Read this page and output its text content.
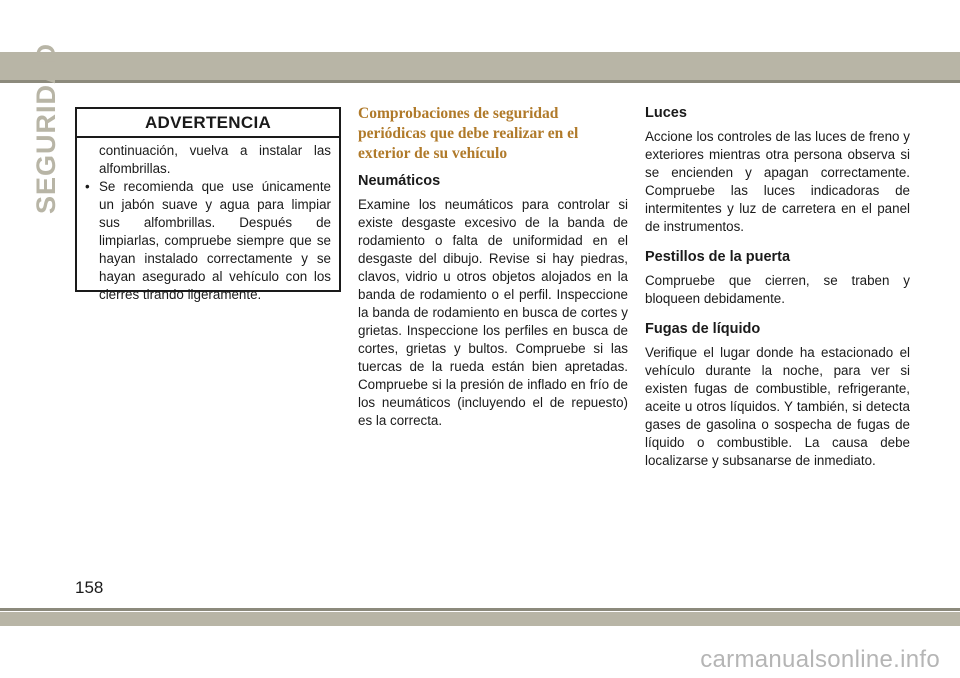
SEGURIDAD	ADVERTENCIA
continuación, vuelva a instalar las alfombrillas.
• Se recomienda que use únicamente un jabón suave y agua para limpiar sus alfombrillas. Después de limpiarlas, compruebe siempre que se hayan instalado correctamente y se hayan asegurado al vehículo con los cierres tirando ligeramente.
Comprobaciones de seguridad periódicas que debe realizar en el exterior de su vehículo
Neumáticos

Examine los neumáticos para controlar si existe desgaste excesivo de la banda de rodamiento o falta de uniformidad en el desgaste del dibujo. Revise si hay piedras, clavos, vidrio u otros objetos alojados en la banda de rodamiento o el perfil. Inspeccione la banda de rodamiento en busca de cortes y grietas. Inspeccione los perfiles en busca de cortes, grietas y bultos. Compruebe si las tuercas de la rueda están bien apretadas. Compruebe si la presión de inflado en frío de los neumáticos (incluyendo el de repuesto) es la correcta.

Luces

Accione los controles de las luces de freno y exteriores mientras otra persona observa si se encienden y apagan correctamente. Compruebe las luces indicadoras de intermitentes y luz de carretera en el panel de instrumentos.

Pestillos de la puerta

Compruebe que cierren, se traben y bloqueen debidamente.

Fugas de líquido

Verifique el lugar donde ha estacionado el vehículo durante la noche, para ver si existen fugas de combustible, refrigerante, aceite u otros líquidos. Y también, si detecta gases de gasolina o sospecha de fugas de líquido o combustible. La causa debe localizarse y subsanarse de inmediato.

158
carmanualsonline.info
